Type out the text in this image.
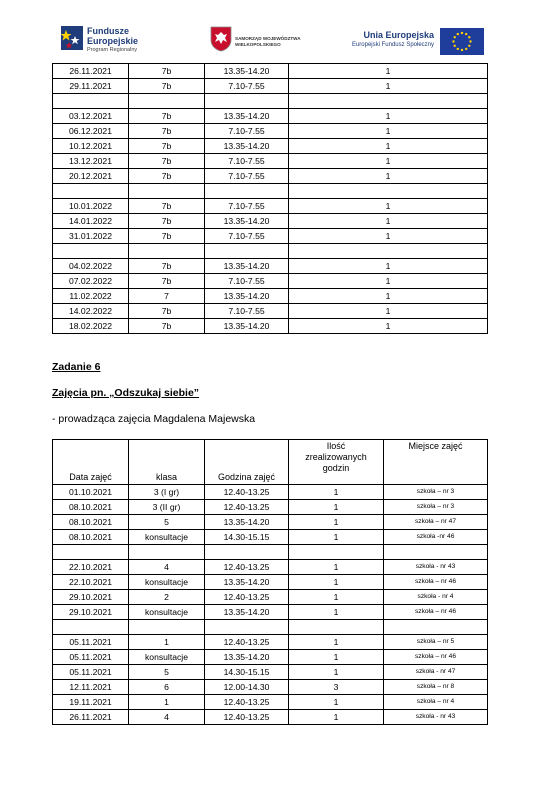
Fundusze
Europejskie
Program Regionalny
SAMORZĄD WOJEWÓDZTWA
WIELKOPOLSKIEGO
Unia Europejska
Europejski Fundusz Społeczny
26.11.2021	7b	13.35-14.20	1
29.11.2021	7b	7.10-7.55	1

03.12.2021	7b	13.35-14.20	1
06.12.2021	7b	7.10-7.55	1
10.12.2021	7b	13.35-14.20	1
13.12.2021	7b	7.10-7.55	1
20.12.2021	7b	7.10-7.55	1

10.01.2022	7b	7.10-7.55	1
14.01.2022	7b	13.35-14.20	1
31.01.2022	7b	7.10-7.55	1

04.02.2022	7b	13.35-14.20	1
07.02.2022	7b	7.10-7.55	1
11.02.2022	7	13.35-14.20	1
14.02.2022	7b	7.10-7.55	1
18.02.2022	7b	13.35-14.20	1
Zadanie 6
Zajęcia pn. „Odszukaj siebie”
- prowadząca zajęcia Magdalena Majewska
Data zajęć	klasa	Godzina zajęć	Ilość
zrealizowanych
godzin	Miejsce zajęć
01.10.2021	3 (I gr)	12.40-13.25	1	szkoła – nr 3
08.10.2021	3 (II gr)	12.40-13.25	1	szkoła – nr 3
08.10.2021	5	13.35-14.20	1	szkoła – nr 47
08.10.2021	konsultacje	14.30-15.15	1	szkoła -nr 46

22.10.2021	4	12.40-13.25	1	szkoła - nr 43
22.10.2021	konsultacje	13.35-14.20	1	szkoła – nr 46
29.10.2021	2	12.40-13.25	1	szkoła - nr 4
29.10.2021	konsultacje	13.35-14.20	1	szkoła – nr 46

05.11.2021	1	12.40-13.25	1	szkoła – nr 5
05.11.2021	konsultacje	13.35-14.20	1	szkoła – nr 46
05.11.2021	5	14.30-15.15	1	szkoła - nr 47
12.11.2021	6	12.00-14.30	3	szkoła – nr 8
19.11.2021	1	12.40-13.25	1	szkoła – nr 4
26.11.2021	4	12.40-13.25	1	szkoła - nr 43
